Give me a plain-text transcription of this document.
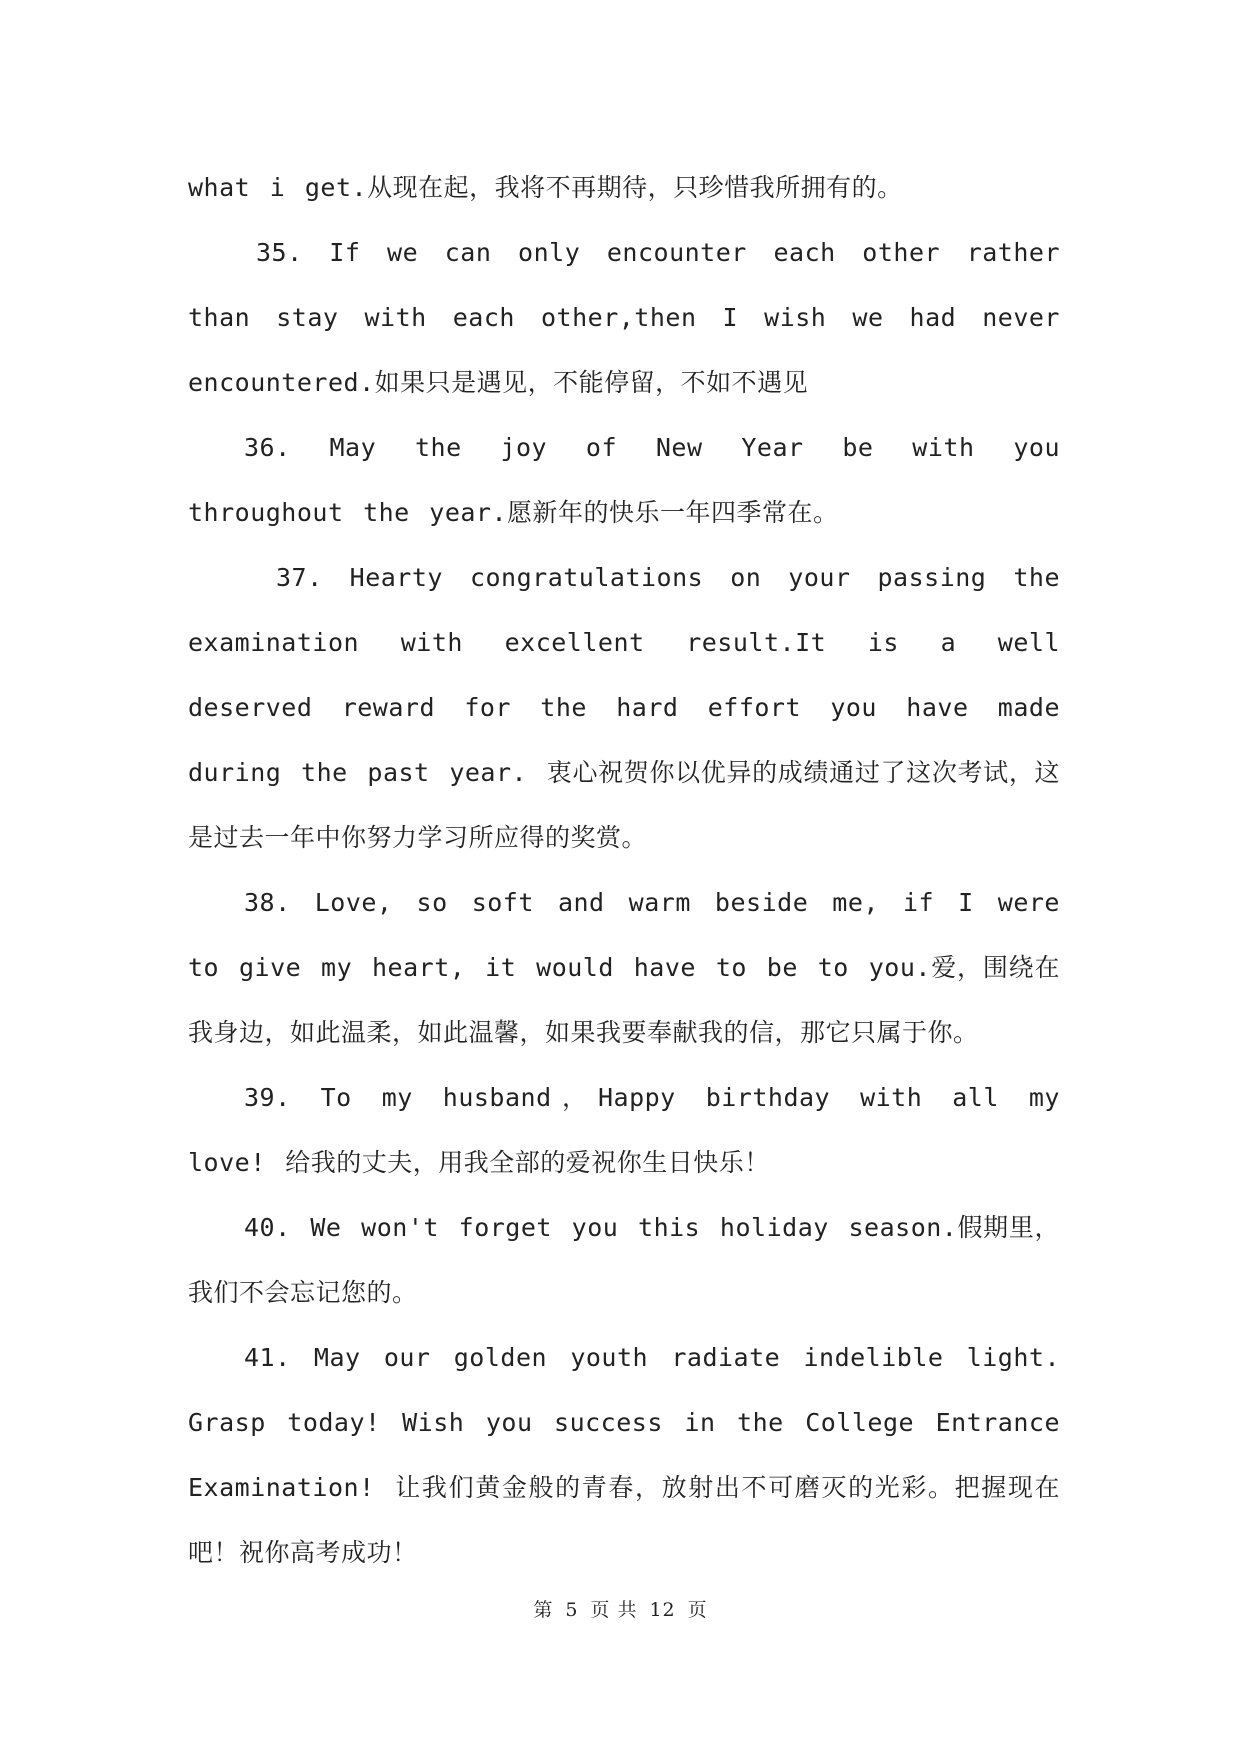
what i get.从现在起，我将不再期待，只珍惜我所拥有的。

35. If we can only encounter each other rather than stay with each other,then I wish we had never encountered.如果只是遇见，不能停留，不如不遇见

36. May the joy of New Year be with you throughout the year.愿新年的快乐一年四季常在。

37. Hearty congratulations on your passing the examination with excellent result.It is a well deserved reward for the hard effort you have made during the past year. 衷心祝贺你以优异的成绩通过了这次考试，这是过去一年中你努力学习所应得的奖赏。

38. Love, so soft and warm beside me, if I were to give my heart, it would have to be to you.爱，围绕在我身边，如此温柔，如此温馨，如果我要奉献我的信，那它只属于你。

39. To my husband，Happy birthday with all my love! 给我的丈夫，用我全部的爱祝你生日快乐！

40. We won't forget you this holiday season.假期里，我们不会忘记您的。

41. May our golden youth radiate indelible light. Grasp today! Wish you success in the College Entrance Examination! 让我们黄金般的青春，放射出不可磨灭的光彩。把握现在吧！祝你高考成功！

第 5 页 共 12 页
